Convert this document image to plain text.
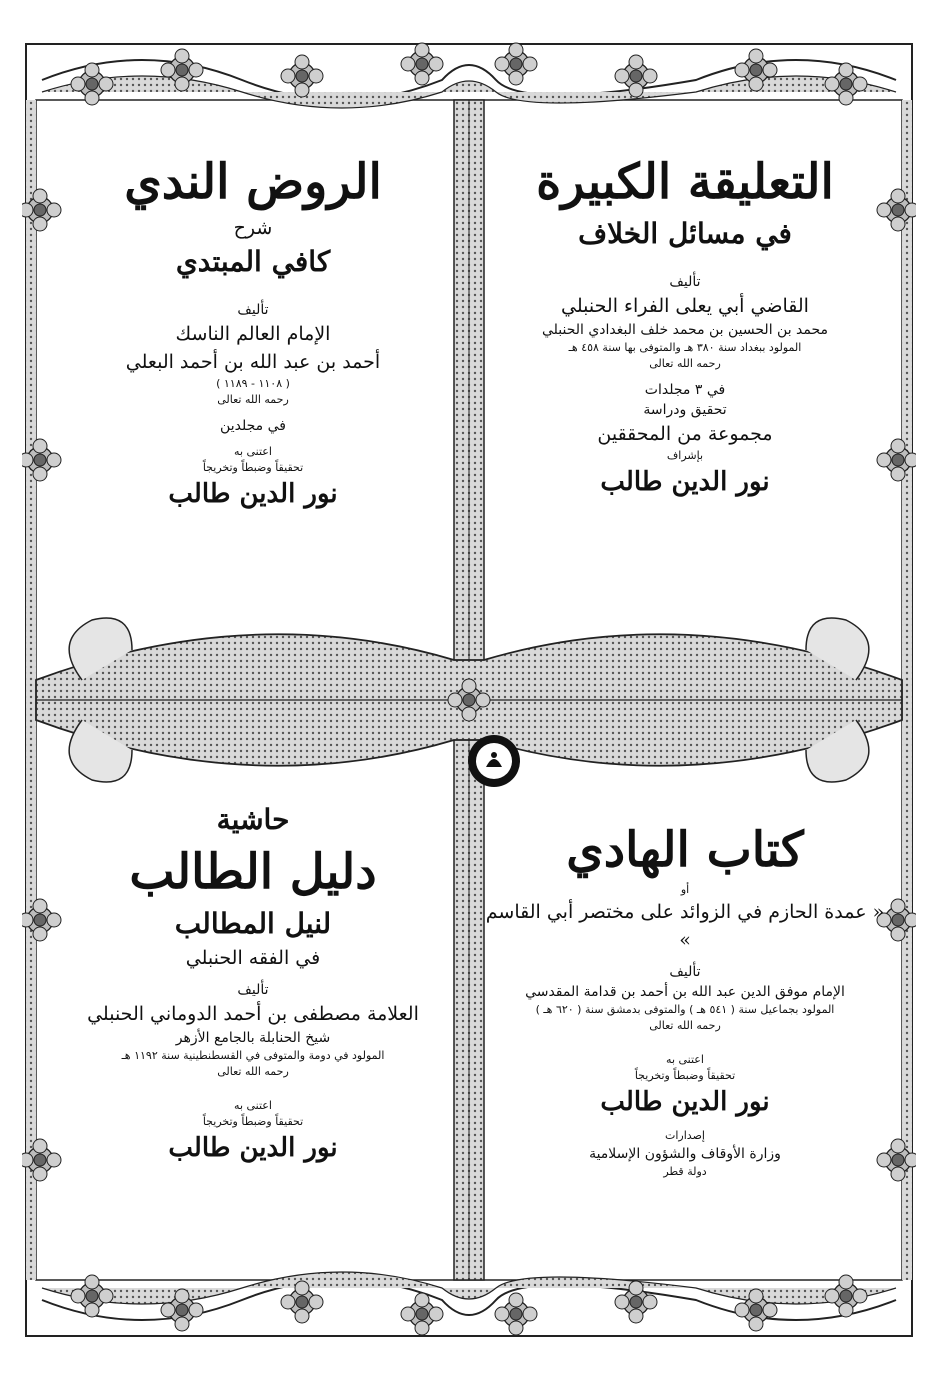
التعليقة الكبيرة
في مسائل الخلاف
تأليف
القاضي أبي يعلى الفراء الحنبلي
محمد بن الحسين بن محمد خلف البغدادي الحنبلي
المولود ببغداد سنة ٣٨٠ هـ والمتوفى بها سنة ٤٥٨ هـ
رحمه الله تعالى
في ٣ مجلدات
تحقيق ودراسة
مجموعة من المحققين
بإشراف
نور الدين طالب
الروض الندي
شرح
كافي المبتدي
تأليف
الإمام العالم الناسك
أحمد بن عبد الله بن أحمد البعلي
( ١١٠٨ - ١١٨٩ )
رحمه الله تعالى
في مجلدين
اعتنى به
تحقيقاً وضبطاً وتخريجاً
نور الدين طالب
كتاب الهادي
أو
« عمدة الحازم في الزوائد على مختصر أبي القاسم »
تأليف
الإمام موفق الدين عبد الله بن أحمد بن قدامة المقدسي
المولود بجماعيل سنة ( ٥٤١ هـ ) والمتوفى بدمشق سنة ( ٦٢٠ هـ )
رحمه الله تعالى
اعتنى به
تحقيقاً وضبطاً وتخريجاً
نور الدين طالب
إصدارات
وزارة الأوقاف والشؤون الإسلامية
دولة قطر
حاشية
دليل الطالب
لنيل المطالب
في الفقه الحنبلي
تأليف
العلامة مصطفى بن أحمد الدوماني الحنبلي
شيخ الحنابلة بالجامع الأزهر
المولود في دومة والمتوفى في القسطنطينية سنة ١١٩٢ هـ
رحمه الله تعالى
اعتنى به
تحقيقاً وضبطاً وتخريجاً
نور الدين طالب
